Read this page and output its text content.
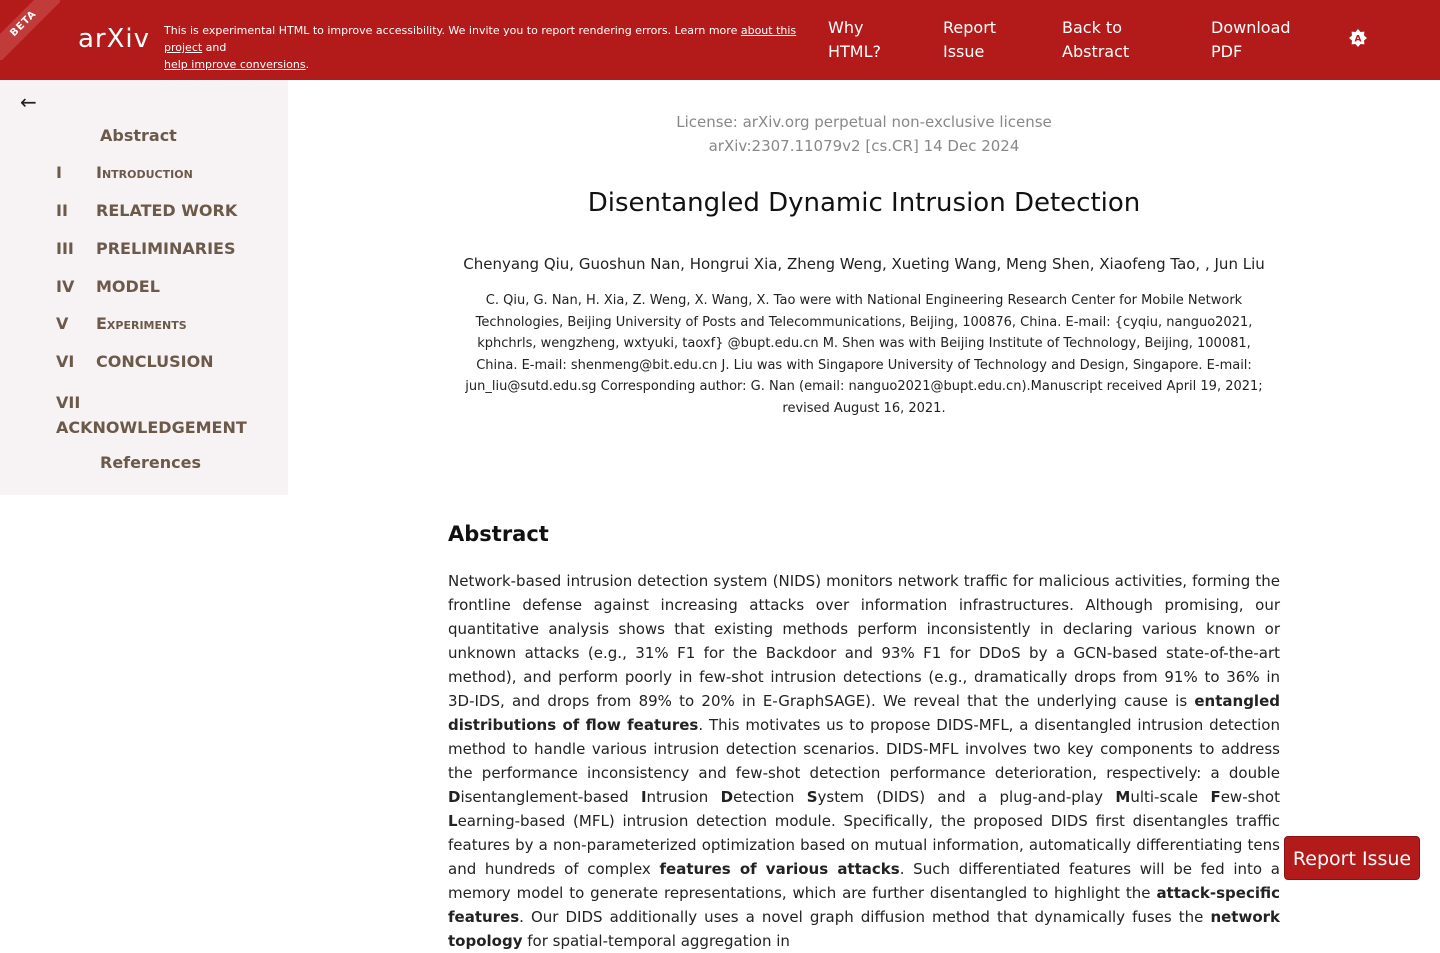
BETA
arXiv This is experimental HTML to improve accessibility. We invite you to report rendering errors. Learn more about this project and
help improve conversions.
Why
HTML?
Report
Issue
Back to
Abstract
Download
PDF
A
←
Abstract
I Introduction
II RELATED WORK
III PRELIMINARIES
IV MODEL
V Experiments
VI CONCLUSION
VII
ACKNOWLEDGEMENT
References
License: arXiv.org perpetual non-exclusive license
arXiv:2307.11079v2 [cs.CR] 14 Dec 2024
Disentangled Dynamic Intrusion Detection
Chenyang Qiu, Guoshun Nan, Hongrui Xia, Zheng Weng, Xueting Wang, Meng Shen, Xiaofeng Tao, , Jun Liu
C. Qiu, G. Nan, H. Xia, Z. Weng, X. Wang, X. Tao were with National Engineering Research Center for Mobile Network Technologies, Beijing University of Posts and Telecommunications, Beijing, 100876, China. E-mail: {cyqiu, nanguo2021, kphchrls, wengzheng, wxtyuki, taoxf} @bupt.edu.cn M. Shen was with Beijing Institute of Technology, Beijing, 100081, China. E-mail: shenmeng@bit.edu.cn J. Liu was with Singapore University of Technology and Design, Singapore. E-mail: jun_liu@sutd.edu.sg Corresponding author: G. Nan (email: nanguo2021@bupt.edu.cn).Manuscript received April 19, 2021; revised August 16, 2021.
Abstract
Network-based intrusion detection system (NIDS) monitors network traffic for malicious activities, forming the frontline defense against increasing attacks over information infrastructures. Although promising, our quantitative analysis shows that existing methods perform inconsistently in declaring various known or unknown attacks (e.g., 31% F1 for the Backdoor and 93% F1 for DDoS by a GCN-based state-of-the-art method), and perform poorly in few-shot intrusion detections (e.g., dramatically drops from 91% to 36% in 3D-IDS, and drops from 89% to 20% in E-GraphSAGE). We reveal that the underlying cause is entangled distributions of flow features. This motivates us to propose DIDS-MFL, a disentangled intrusion detection method to handle various intrusion detection scenarios. DIDS-MFL involves two key components to address the performance inconsistency and few-shot detection performance deterioration, respectively: a double Disentanglement-based Intrusion Detection System (DIDS) and a plug-and-play Multi-scale Few-shot Learning-based (MFL) intrusion detection module. Specifically, the proposed DIDS first disentangles traffic features by a non-parameterized optimization based on mutual information, automatically differentiating tens and hundreds of complex features of various attacks. Such differentiated features will be fed into a memory model to generate representations, which are further disentangled to highlight the attack-specific features. Our DIDS additionally uses a novel graph diffusion method that dynamically fuses the network topology for spatial-temporal aggregation in
Report Issue
